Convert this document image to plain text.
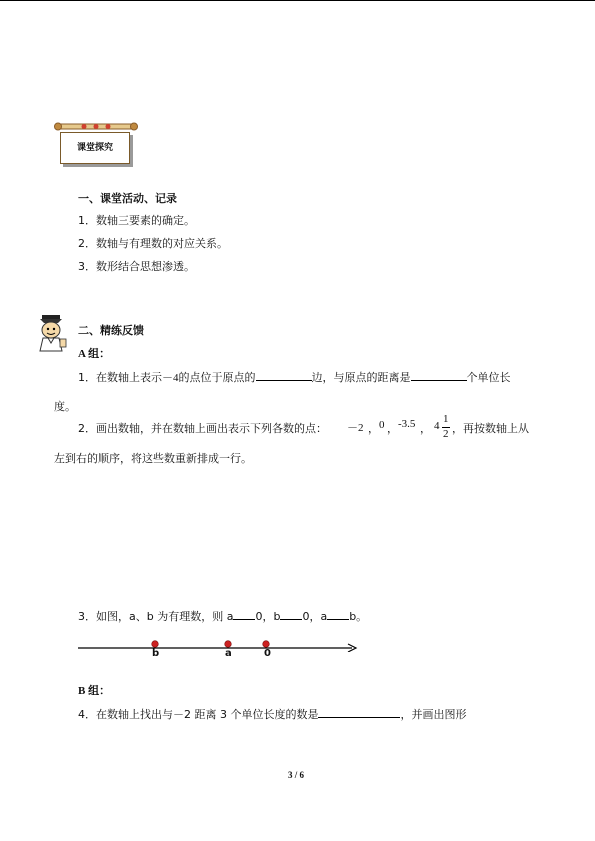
课堂探究
一、课堂活动、记录
1．数轴三要素的确定。
2．数轴与有理数的对应关系。
3．数形结合思想渗透。
二、精练反馈
A 组：
1．在数轴上表示－4的点位于原点的	边，与原点的距离是	个单位长
度。
2．画出数轴，并在数轴上画出表示下列各数的点： －2 ， 0 ， -3.5 ， 4
1
2 ，再按数轴上从
左到右的顺序，将这些数重新排成一行。
3．如图，a、b 为有理数，则 a 0，b 0，a b。
b	a	0
B 组：
4．在数轴上找出与－2 距离 3 个单位长度的数是	，并画出图形
3 / 6
